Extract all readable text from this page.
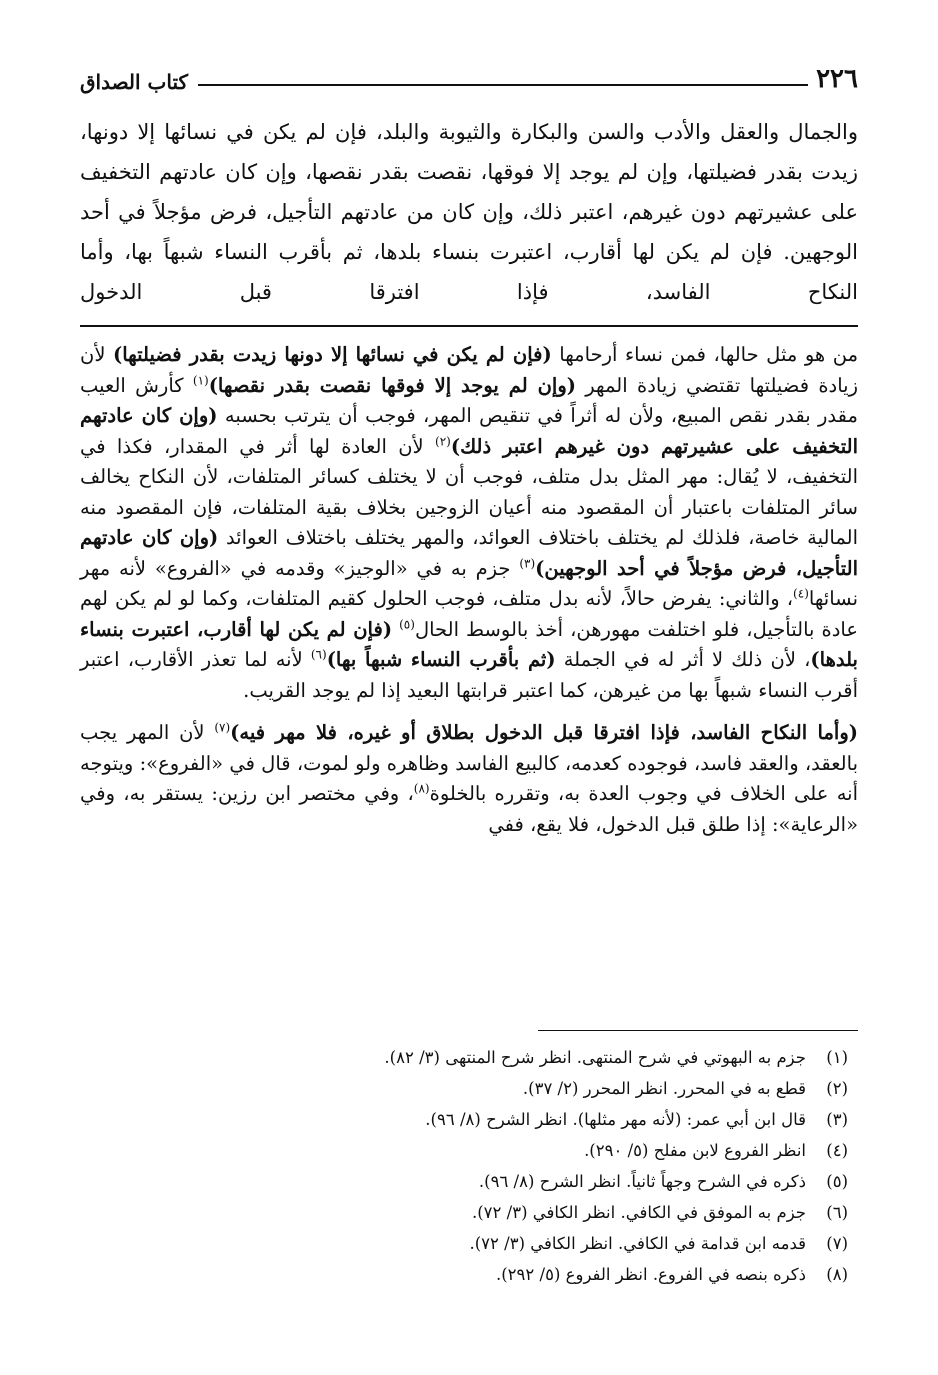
٢٢٦
كتاب الصداق

والجمال والعقل والأدب والسن والبكارة والثيوبة والبلد، فإن لم يكن في نسائها إلا دونها، زيدت بقدر فضيلتها، وإن لم يوجد إلا فوقها، نقصت بقدر نقصها، وإن كان عادتهم التخفيف على عشيرتهم دون غيرهم، اعتبر ذلك، وإن كان من عادتهم التأجيل، فرض مؤجلاً في أحد الوجهين. فإن لم يكن لها أقارب، اعتبرت بنساء بلدها، ثم بأقرب النساء شبهاً بها، وأما النكاح الفاسد، فإذا افترقا قبل الدخول

من هو مثل حالها، فمن نساء أرحامها (فإن لم يكن في نسائها إلا دونها زيدت بقدر فضيلتها) لأن زيادة فضيلتها تقتضي زيادة المهر (وإن لم يوجد إلا فوقها نقصت بقدر نقصها)$^{(١)}$ كأرش العيب مقدر بقدر نقص المبيع، ولأن له أثراً في تنقيص المهر، فوجب أن يترتب بحسبه (وإن كان عادتهم التخفيف على عشيرتهم دون غيرهم اعتبر ذلك)$^{(٢)}$ لأن العادة لها أثر في المقدار، فكذا في التخفيف، لا يُقال: مهر المثل بدل متلف، فوجب أن لا يختلف كسائر المتلفات، لأن النكاح يخالف سائر المتلفات باعتبار أن المقصود منه أعيان الزوجين بخلاف بقية المتلفات، فإن المقصود منه المالية خاصة، فلذلك لم يختلف باختلاف العوائد، والمهر يختلف باختلاف العوائد (وإن كان عادتهم التأجيل، فرض مؤجلاً في أحد الوجهين)$^{(٣)}$ جزم به في «الوجيز» وقدمه في «الفروع» لأنه مهر نسائها$^{(٤)}$، والثاني: يفرض حالاً، لأنه بدل متلف، فوجب الحلول كقيم المتلفات، وكما لو لم يكن لهم عادة بالتأجيل، فلو اختلفت مهورهن، أخذ بالوسط الحال$^{(٥)}$ (فإن لم يكن لها أقارب، اعتبرت بنساء بلدها)، لأن ذلك لا أثر له في الجملة (ثم بأقرب النساء شبهاً بها)$^{(٦)}$ لأنه لما تعذر الأقارب، اعتبر أقرب النساء شبهاً بها من غيرهن، كما اعتبر قرابتها البعيد إذا لم يوجد القريب.

(وأما النكاح الفاسد، فإذا افترقا قبل الدخول بطلاق أو غيره، فلا مهر فيه)$^{(٧)}$ لأن المهر يجب بالعقد، والعقد فاسد، فوجوده كعدمه، كالبيع الفاسد وظاهره ولو لموت، قال في «الفروع»: ويتوجه أنه على الخلاف في وجوب العدة به، وتقرره بالخلوة$^{(٨)}$، وفي مختصر ابن رزين: يستقر به، وفي «الرعاية»: إذا طلق قبل الدخول، فلا يقع، ففي

(١)
جزم به البهوتي في شرح المنتهى. انظر شرح المنتهى (٣/ ٨٢).
(٢)
قطع به في المحرر. انظر المحرر (٢/ ٣٧).
(٣)
قال ابن أبي عمر: (لأنه مهر مثلها). انظر الشرح (٨/ ٩٦).
(٤)
انظر الفروع لابن مفلح (٥/ ٢٩٠).
(٥)
ذكره في الشرح وجهاً ثانياً. انظر الشرح (٨/ ٩٦).
(٦)
جزم به الموفق في الكافي. انظر الكافي (٣/ ٧٢).
(٧)
قدمه ابن قدامة في الكافي. انظر الكافي (٣/ ٧٢).
(٨)
ذكره بنصه في الفروع. انظر الفروع (٥/ ٢٩٢).
